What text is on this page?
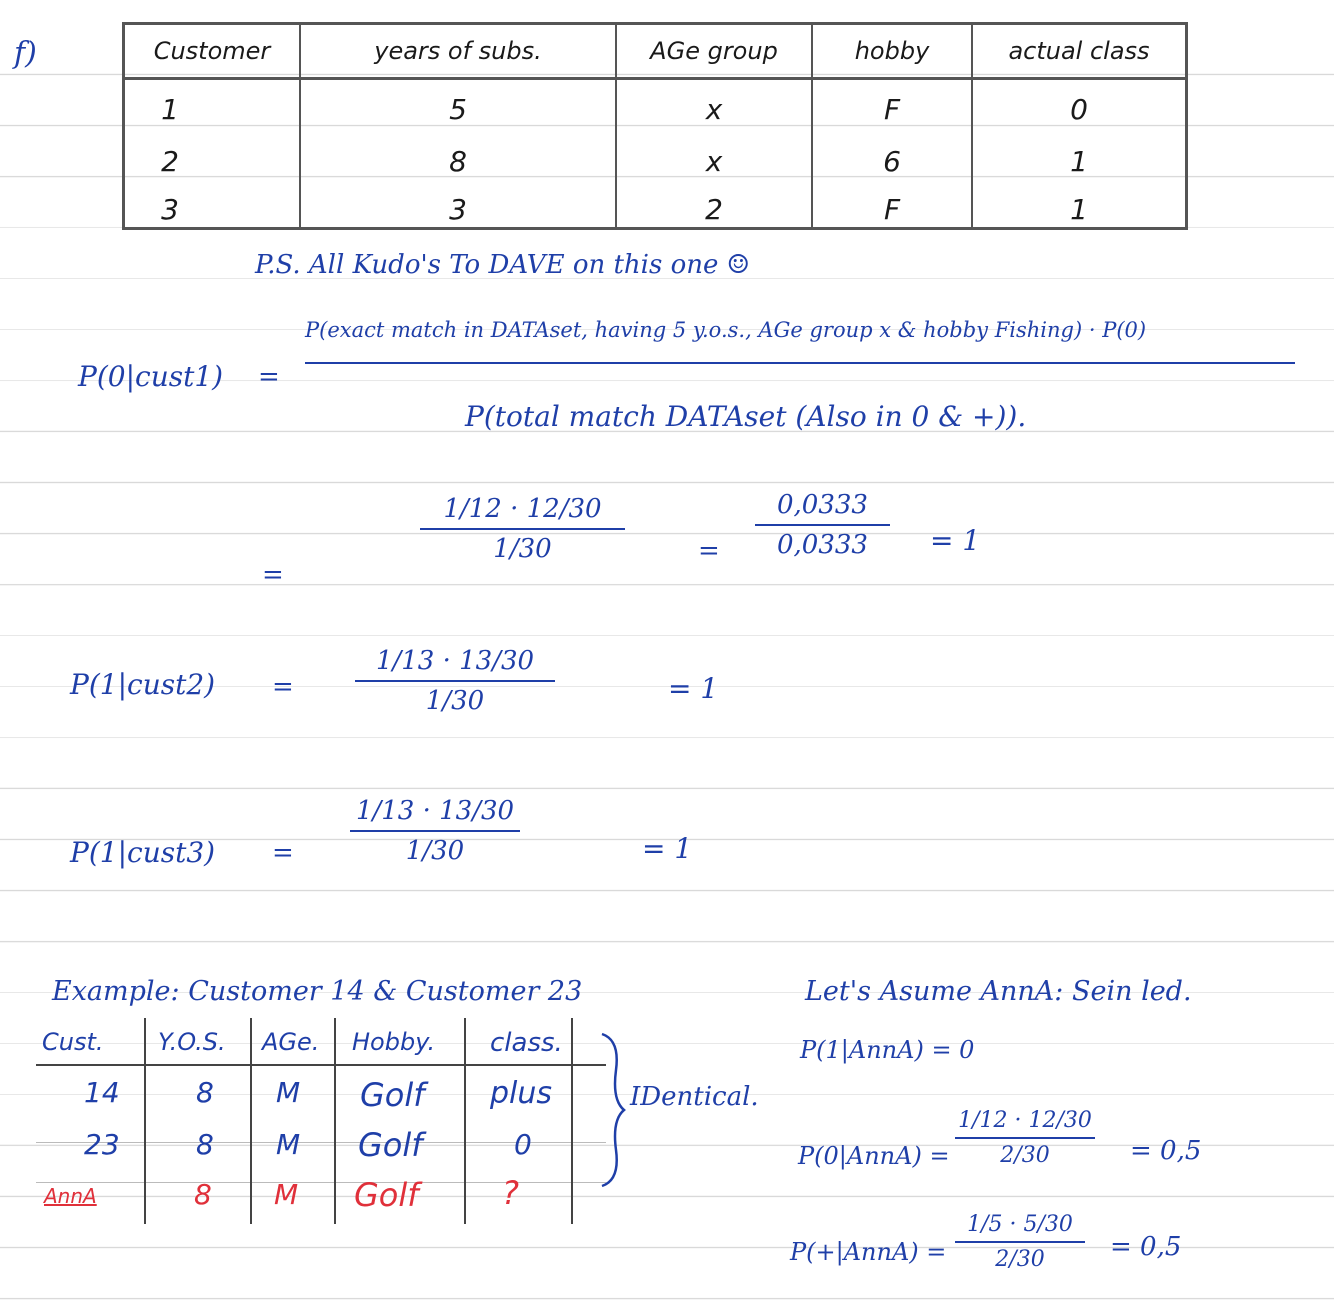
f)	Customer	years of subs.	AGe group	hobby	actual class
1	5	x	F	0
2	8	x	6	1
3	3	2	F	1
P.S. All Kudo's To DAVE on this one ☺
P(0|cust1) =
P(exact match in DATAset, having 5 y.o.s., AGe group x & hobby Fishing) · P(0)
P(total match DATAset (Also in 0 & +)).
=
1/12 · 12/30
1/30	=
0,0333
0,0333	= 1
P(1|cust2) =
1/13 · 13/30
1/30	= 1
P(1|cust3) =
1/13 · 13/30
1/30	= 1
Example: Customer 14 & Customer 23
Cust. Y.O.S. AGe. Hobby. class.
14	8 M Golf plus
23	8 M Golf	0
AnnA	8 M Golf	?
IDentical.
Let's Asume AnnA: Sein led.
P(1|AnnA) = 0
P(0|AnnA) =
1/12 · 12/30
2/30	= 0,5
P(+|AnnA) =
1/5 · 5/30
2/30	= 0,5
